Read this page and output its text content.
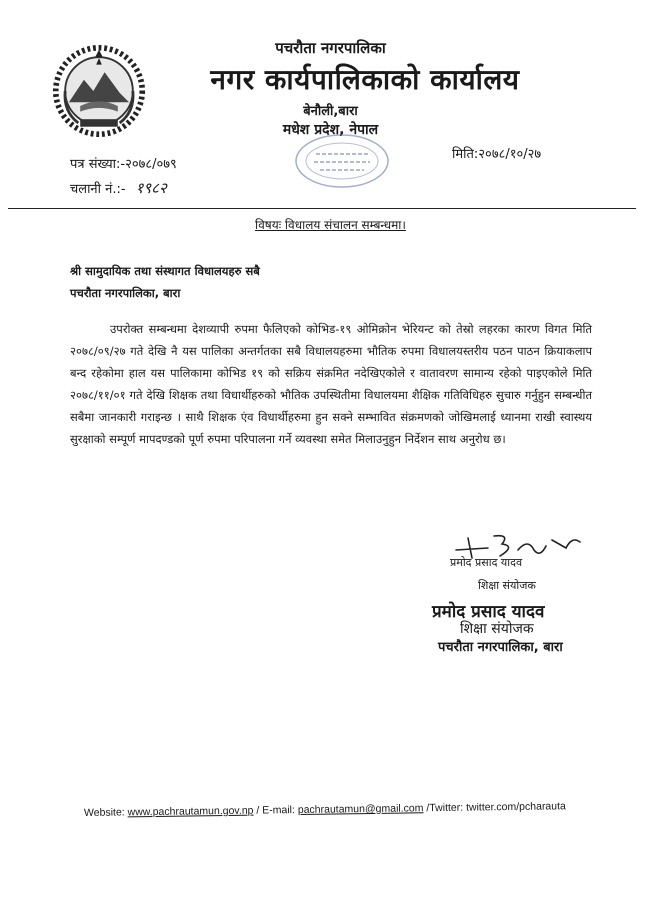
पचरौता नगरपालिका
नगर कार्यपालिकाको कार्यालय
बेनौली,बारा
मधेश प्रदेश, नेपाल
पत्र संख्या:-२०७८/०७९
चलानी नं.:- १९८२
मिति:२०७८/१०/२७
विषयः विधालय संचालन सम्बन्धमा।
श्री सामुदायिक तथा संस्थागत विधालयहरु सबै
पचरौता नगरपालिका, बारा
उपरोक्त सम्बन्धमा देशव्यापी रुपमा फैलिएको कोभिड-१९ ओमिक्रोन भेरियन्ट को तेस्रो लहरका कारण विगत मिति २०७८/०९/२७ गते देखि नै यस पालिका अन्तर्गतका सबै विधालयहरुमा भौतिक रुपमा विधालयस्तरीय पठन पाठन क्रियाकलाप बन्द रहेकोमा हाल यस पालिकामा कोभिड १९ को सक्रिय संक्रमित नदेखिएकोले र वातावरण सामान्य रहेको पाइएकोले मिति २०७८/११/०१ गते देखि शिक्षक तथा विधार्थीहरुको भौतिक उपस्थितीमा विधालयमा शैक्षिक गतिविधिहरु सुचारु गर्नुहुन सम्बन्धीत सबैमा जानकारी गराइन्छ । साथै शिक्षक एंव विधार्थीहरुमा हुन सक्ने सम्भावित संक्रमणको जोखिमलाई ध्यानमा राखी स्वास्थय सुरक्षाको सम्पूर्ण मापदण्डको पूर्ण रुपमा परिपालना गर्ने व्यवस्था समेत मिलाउनुहुन निर्देशन साथ अनुरोध छ।
प्रमोद प्रसाद यादव
शिक्षा संयोजक
प्रमोद प्रसाद यादव
शिक्षा संयोजक
पचरौता नगरपालिका, बारा
Website: www.pachrautamun.gov.np / E-mail: pachrautamun@gmail.com /Twitter: twitter.com/pcharauta
